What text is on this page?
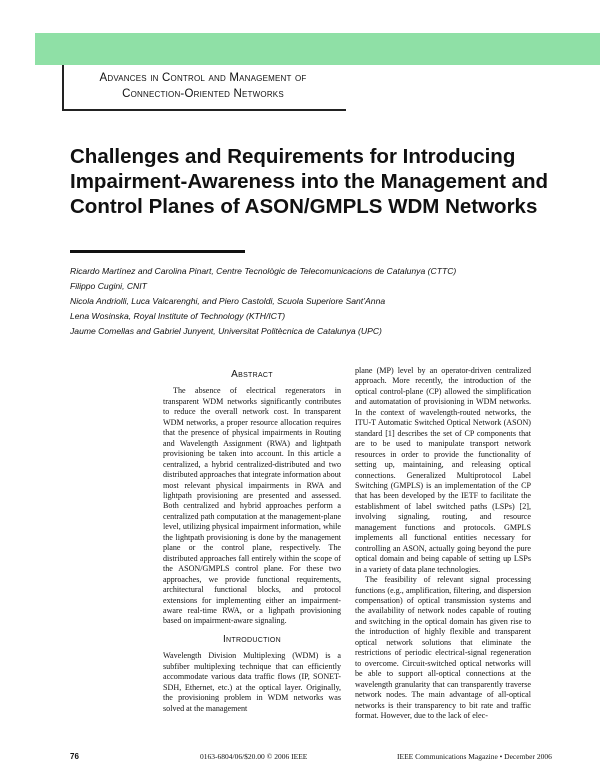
Advances in Control and Management of
Connection-Oriented Networks
Challenges and Requirements for Introducing Impairment-Awareness into the Management and Control Planes of ASON/GMPLS WDM Networks
Ricardo Martínez and Carolina Pinart, Centre Tecnològic de Telecomunicacions de Catalunya (CTTC)
Filippo Cugini, CNIT
Nicola Andriolli, Luca Valcarenghi, and Piero Castoldi, Scuola Superiore Sant’Anna
Lena Wosinska, Royal Institute of Technology (KTH/ICT)
Jaume Comellas and Gabriel Junyent, Universitat Politècnica de Catalunya (UPC)
Abstract

The absence of electrical regenerators in transparent WDM networks significantly contributes to reduce the overall network cost. In transparent WDM networks, a proper resource allocation requires that the presence of physical impairments in Routing and Wavelength Assignment (RWA) and lightpath provisioning be taken into account. In this article a centralized, a hybrid centralized-distributed and two distributed approaches that integrate information about most relevant physical impairments in RWA and lightpath provisioning are presented and assessed. Both centralized and hybrid approaches perform a centralized path computation at the management-plane level, utilizing physical impairment information, while the lightpath provisioning is done by the management plane or the control plane, respectively. The distributed approaches fall entirely within the scope of the ASON/GMPLS control plane. For these two approaches, we provide functional requirements, architectural functional blocks, and protocol extensions for implementing either an impairment-aware real-time RWA, or a lighpath provisioning based on impairment-aware signaling.

Introduction

Wavelength Division Multiplexing (WDM) is a subfiber multiplexing technique that can efficiently accommodate various data traffic flows (IP, SONET-SDH, Ethernet, etc.) at the optical layer. Originally, the provisioning problem in WDM networks was solved at the management

plane (MP) level by an operator-driven centralized approach. More recently, the introduction of the optical control-plane (CP) allowed the simplification and automatation of provisioning in WDM networks. In the context of wavelength-routed networks, the ITU-T Automatic Switched Optical Network (ASON) standard [1] describes the set of CP components that are to be used to manipulate transport network resources in order to provide the functionality of setting up, maintaining, and releasing optical connections. Generalized Multiprotocol Label Switching (GMPLS) is an implementation of the CP that has been developed by the IETF to facilitate the establishment of label switched paths (LSPs) [2], involving signaling, routing, and resource management functions and protocols. GMPLS implements all functional entities necessary for controlling an ASON, actually going beyond the pure optical domain and being capable of setting up LSPs in a variety of data plane technologies.

The feasibility of relevant signal processing functions (e.g., amplification, filtering, and dispersion compensation) of optical transmission systems and the availability of network nodes capable of routing and switching in the optical domain has given rise to the introduction of highly flexible and transparent optical network solutions that eliminate the restrictions of periodic electrical-signal regeneration to overcome. Circuit-switched optical networks will be able to support all-optical connections at the wavelength granularity that can transparently traverse network nodes. The main advantage of all-optical networks is their transparency to bit rate and traffic format. However, due to the lack of elec-

76	0163-6804/06/$20.00 © 2006 IEEE	IEEE Communications Magazine • December 2006
